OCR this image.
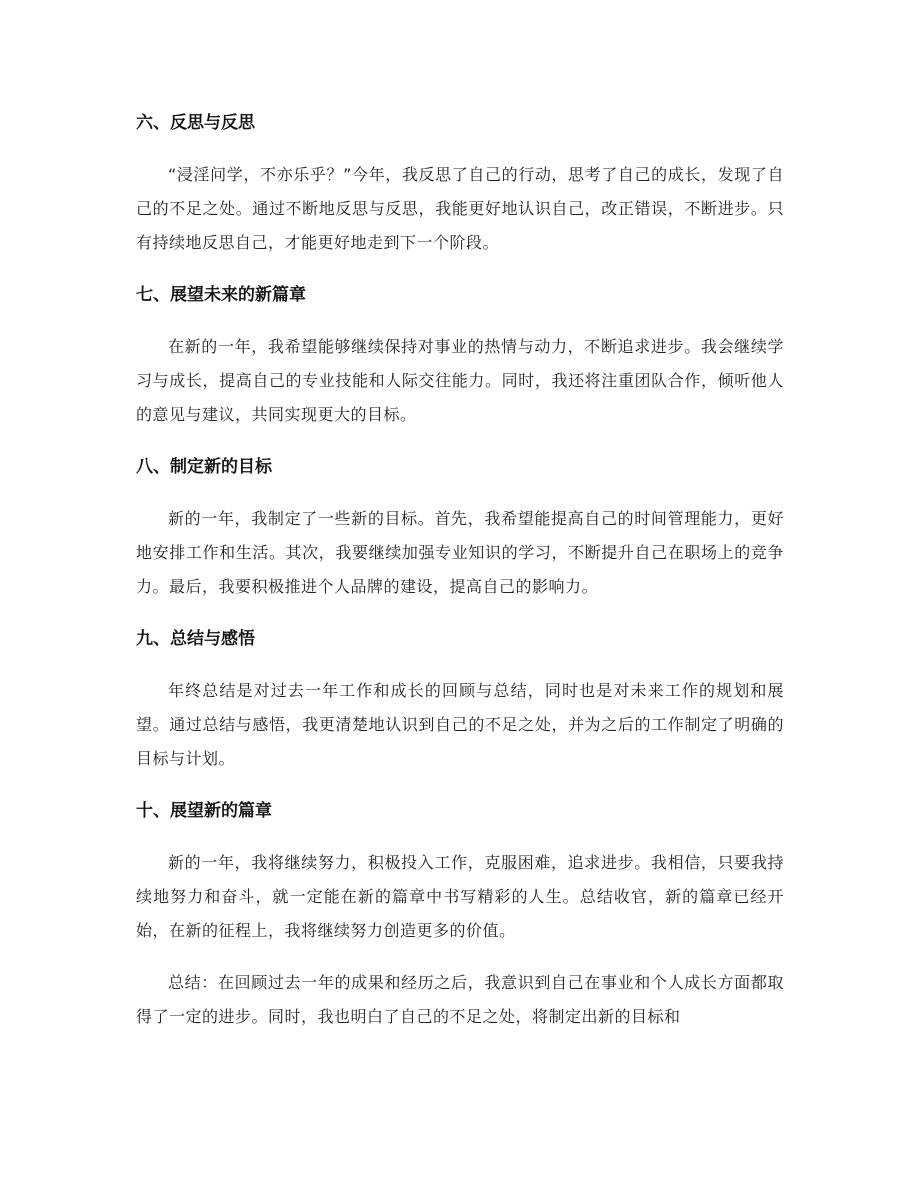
六、反思与反思

“浸淫问学，不亦乐乎？”今年，我反思了自己的行动，思考了自己的成长，发现了自己的不足之处。通过不断地反思与反思，我能更好地认识自己，改正错误，不断进步。只有持续地反思自己，才能更好地走到下一个阶段。

七、展望未来的新篇章

在新的一年，我希望能够继续保持对事业的热情与动力，不断追求进步。我会继续学习与成长，提高自己的专业技能和人际交往能力。同时，我还将注重团队合作，倾听他人的意见与建议，共同实现更大的目标。

八、制定新的目标

新的一年，我制定了一些新的目标。首先，我希望能提高自己的时间管理能力，更好地安排工作和生活。其次，我要继续加强专业知识的学习，不断提升自己在职场上的竞争力。最后，我要积极推进个人品牌的建设，提高自己的影响力。

九、总结与感悟

年终总结是对过去一年工作和成长的回顾与总结，同时也是对未来工作的规划和展望。通过总结与感悟，我更清楚地认识到自己的不足之处，并为之后的工作制定了明确的目标与计划。

十、展望新的篇章

新的一年，我将继续努力，积极投入工作，克服困难，追求进步。我相信，只要我持续地努力和奋斗，就一定能在新的篇章中书写精彩的人生。总结收官，新的篇章已经开始，在新的征程上，我将继续努力创造更多的价值。

总结：在回顾过去一年的成果和经历之后，我意识到自己在事业和个人成长方面都取得了一定的进步。同时，我也明白了自己的不足之处，将制定出新的目标和
